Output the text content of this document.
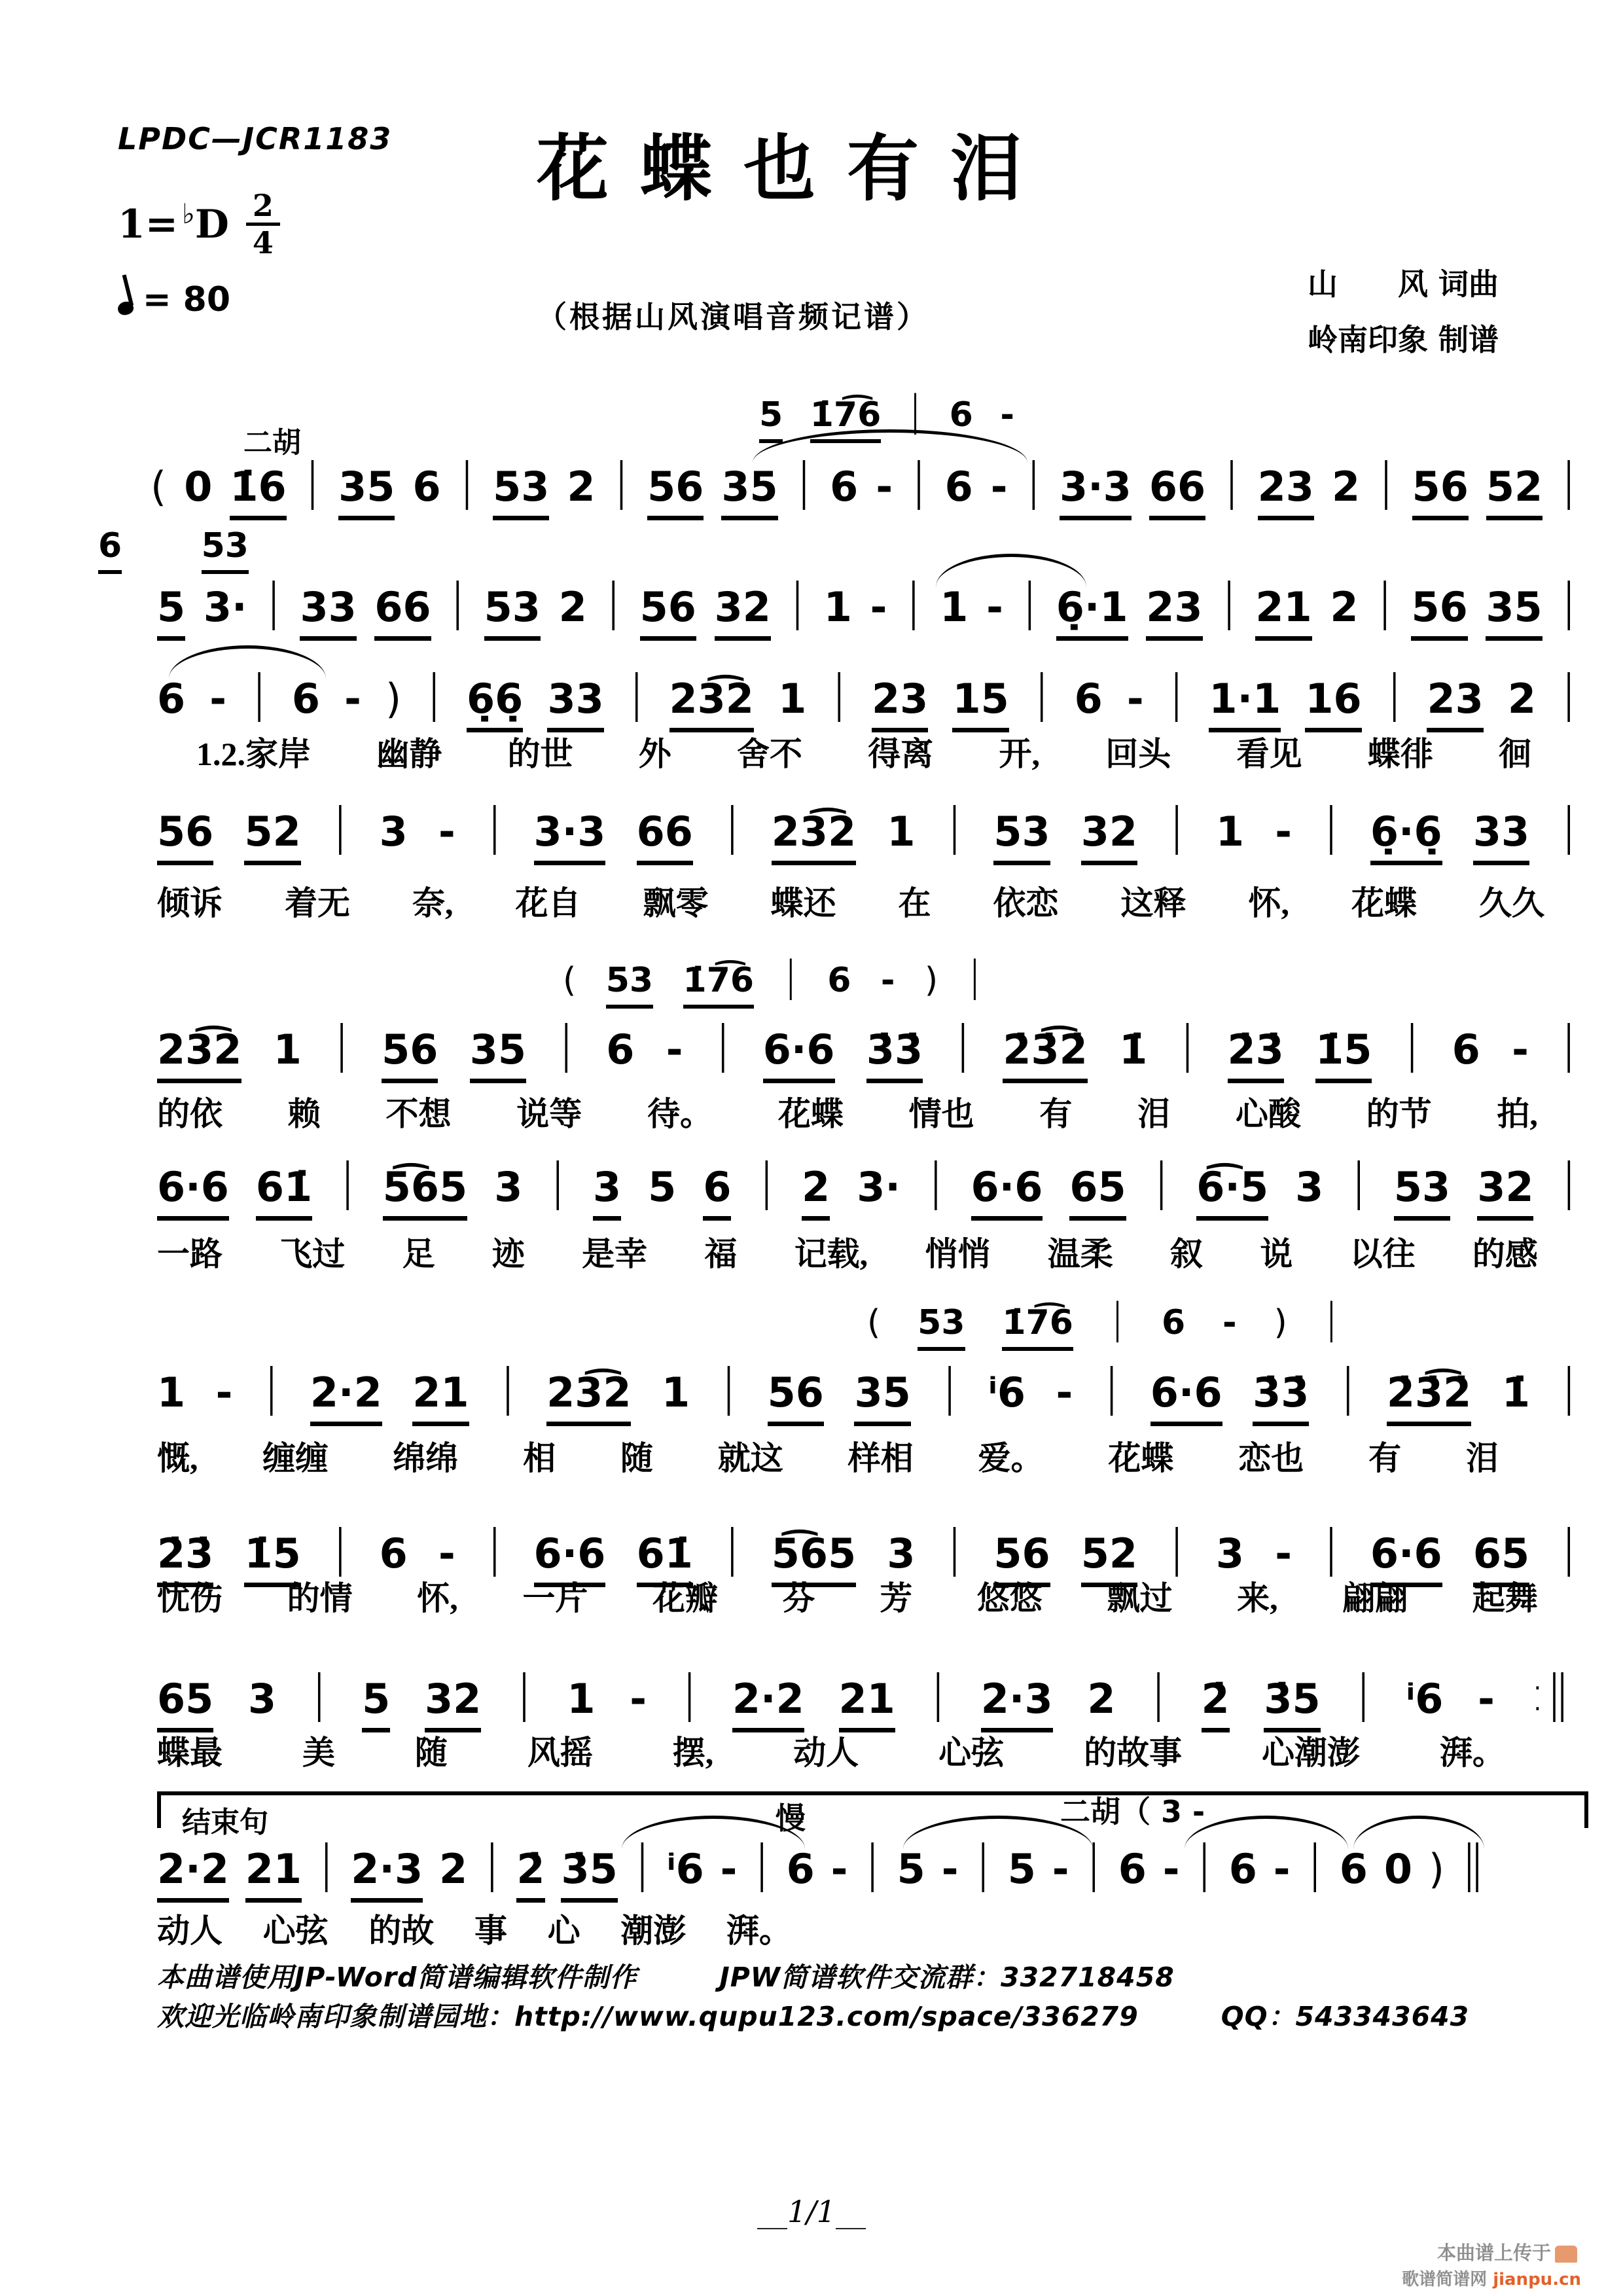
LPDC—JCR1183
1= ♭ D $\frac{2}{4}$
= 80
花蝶也有泪
（根据山风演唱音频记谱）
山　　风 词曲
岭南印象 制谱
二胡
5 1̇7͡6 | 6 -
( 0 1̇6 | 35 6 | 53 2 | 56 35 | 6 - | 6 - | 3·3 66 | 23 2 | 56 52 |
6 53
5 3· | 33 66 | 53 2 | 56 32 | 1 - | 1 - | 6̣·1 23 | 21 2 | 56 35 |
6 - | 6 - ) | 6̣6̣ 33 | 23͡2 1 | 23 15 | 6 - | 1·1 16 | 23 2 |
1.2.家岸 幽静 的世 外 舍不 得离 开, 回头 看见 蝶徘 徊
56 52 | 3 - | 3·3 66 | 23͡2 1 | 53 32 | 1 - | 6̣·6̣ 33 |
倾诉 着无 奈, 花自 飘零 蝶还 在 依恋 这释 怀, 花蝶 久久
( 53 1̇7͡6 | 6 - ) |
23͡2 1 | 56 35 | 6 - | 6·6 3̇3̇ | 2̇3̇͡2̇ 1̇ | 2̇3̇ 1̇5 | 6 - |
的依 赖 不想 说等 待。 花蝶 情也 有 泪 心酸 的节 拍,
6·6 61̇ | 5͡65 3 | 3 5 6 | 2 3· | 6·6 65 | 6͡·5 3 | 53 32 |
一路 飞过 足 迹 是幸 福 记载, 悄悄 温柔 叙 说 以往 的感
( 53 1̇7͡6 | 6 - ) |
1 - | 2·2 21 | 23͡2 1 | 56 35 | ⁱ6 - | 6·6 3̇3̇ | 2̇3̇͡2̇ 1̇ |
慨, 缠缠 绵绵 相 随 就这 样相 爱。 花蝶 恋也 有 泪
2̇3̇ 1̇5 | 6 - | 6·6 61̇ | 5͡65 3 | 56 52 | 3 - | 6·6 65 |
忧伤 的情 怀, 一片 花瓣 芬 芳 悠悠 飘过 来, 翩翩 起舞
65 3 | 5 32 | 1 - | 2·2 21 | 2·3 2 | 2̇ 3̇5 | ⁱ6 - :‖
蝶最 美 随 风摇 摆, 动人 心弦 的故事 心潮澎 湃。
结束句	慢	二胡（ 3 -
2·2 21 | 2·3 2 | 2̇ 3̇5 | ⁱ6 - | 6 - | 5 - | 5 - | 6 - | 6 - | 6 0 ) ‖
动人 心弦 的故 事 心 潮澎 湃。
本曲谱使用JP-Word简谱编辑软件制作　　　JPW简谱软件交流群：332718458
欢迎光临岭南印象制谱园地：http://www.qupu123.com/space/336279　　　QQ：543343643
__1/1__
本曲谱上传于
歌谱简谱网 jianpu.cn
